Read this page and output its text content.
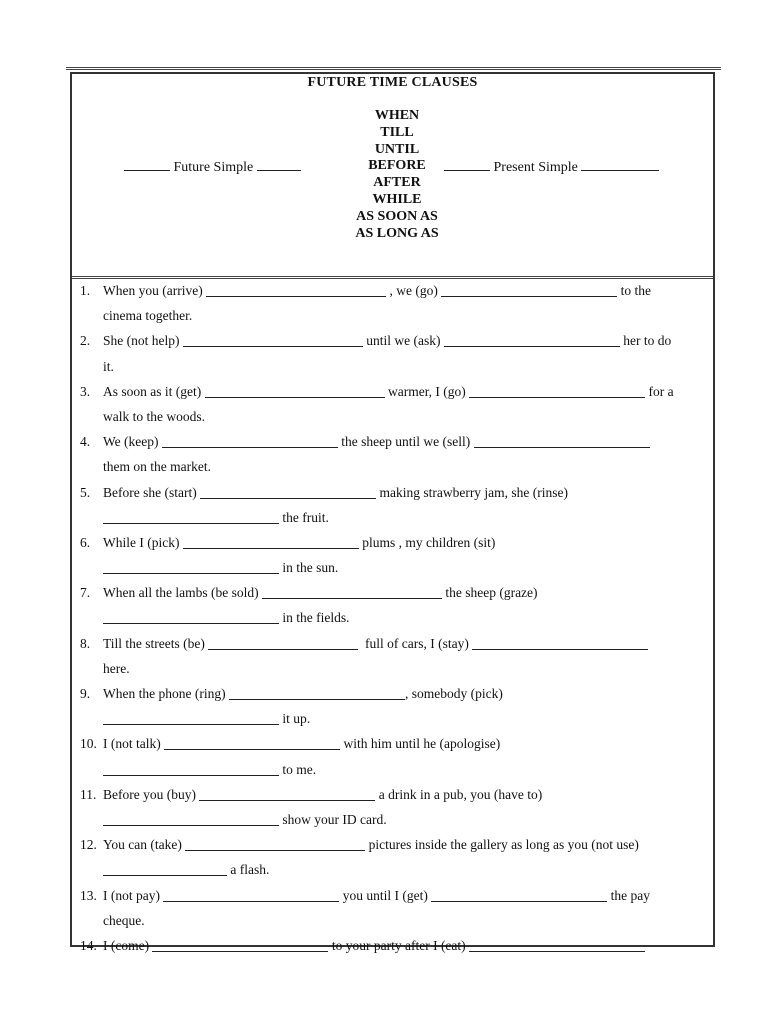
FUTURE TIME CLAUSES
Future Simple
WHEN
TILL
UNTIL
BEFORE
AFTER
WHILE
AS SOON AS
AS LONG AS
Present Simple
1. When you (arrive)	, we (go)	to the
cinema together.
2. She (not help)	until we (ask)	her to do
it.
3. As soon as it (get)	warmer, I (go)	for a
walk to the woods.
4. We (keep)	the sheep until we (sell)
them on the market.
5. Before she (start)	making strawberry jam, she (rinse)
the fruit.
6. While I (pick)	plums , my children (sit)
in the sun.
7. When all the lambs (be sold)	the sheep (graze)
in the fields.
8. Till the streets (be)	full of cars, I (stay)
here.
9. When the phone (ring)	, somebody (pick)
it up.
10. I (not talk)	with him until he (apologise)
to me.
11. Before you (buy)	a drink in a pub, you (have to)
show your ID card.
12. You can (take)	pictures inside the gallery as long as you (not use)
a flash.
13. I (not pay)	you until I (get)	the pay
cheque.
14. I (come)	to your party after I (eat)
